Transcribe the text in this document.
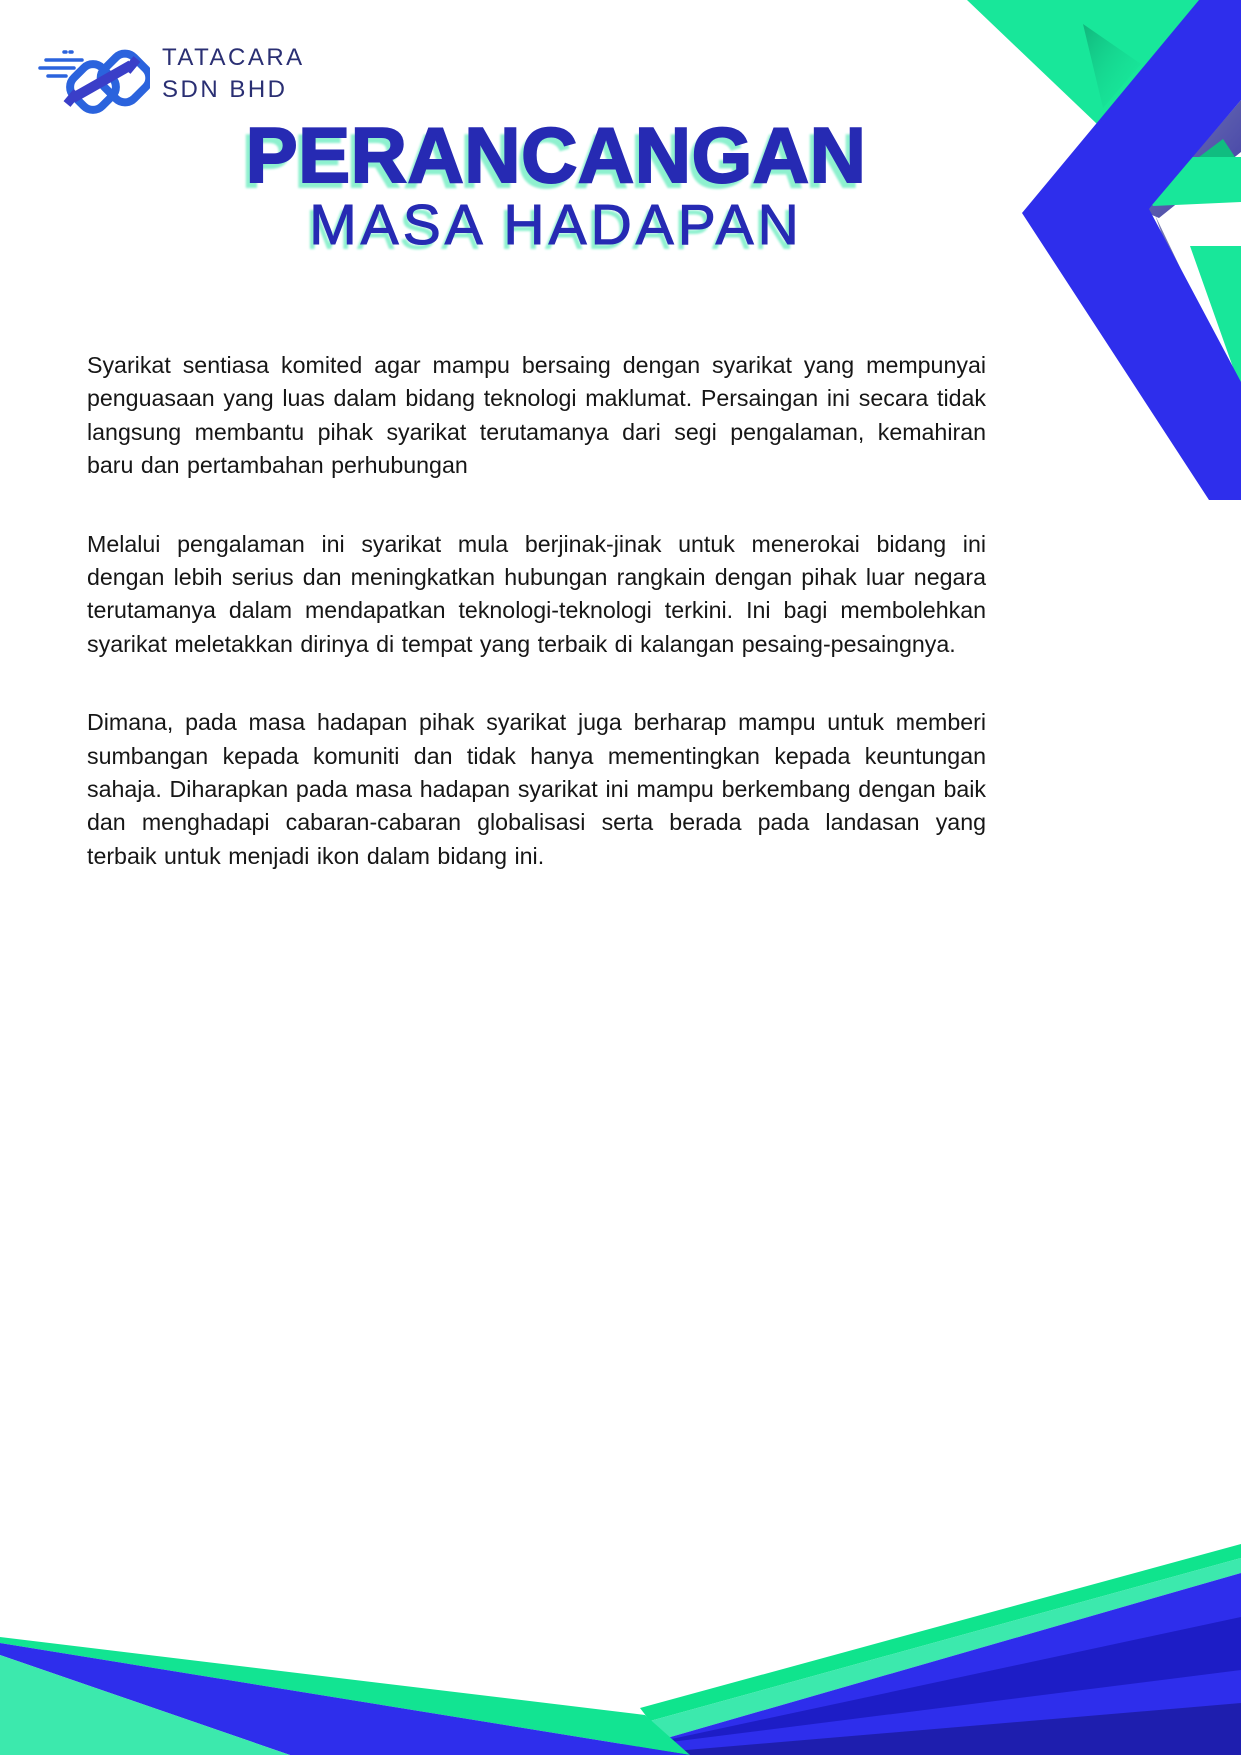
TATACARA
SDN BHD
PERANCANGAN
MASA HADAPAN

Syarikat sentiasa komited agar mampu bersaing dengan syarikat yang mempunyai penguasaan yang luas dalam bidang teknologi maklumat. Persaingan ini secara tidak langsung membantu pihak syarikat terutamanya dari segi pengalaman, kemahiran baru dan pertambahan perhubungan

Melalui pengalaman ini syarikat mula berjinak-jinak untuk menerokai bidang ini dengan lebih serius dan meningkatkan hubungan rangkain dengan pihak luar negara terutamanya dalam mendapatkan teknologi-teknologi terkini. Ini bagi membolehkan syarikat meletakkan dirinya di tempat yang terbaik di kalangan pesaing-pesaingnya.

Dimana, pada masa hadapan pihak syarikat juga berharap mampu untuk memberi sumbangan kepada komuniti dan tidak hanya mementingkan kepada keuntungan sahaja. Diharapkan pada masa hadapan syarikat ini mampu berkembang dengan baik dan menghadapi cabaran-cabaran globalisasi serta berada pada landasan yang terbaik untuk menjadi ikon dalam bidang ini.
